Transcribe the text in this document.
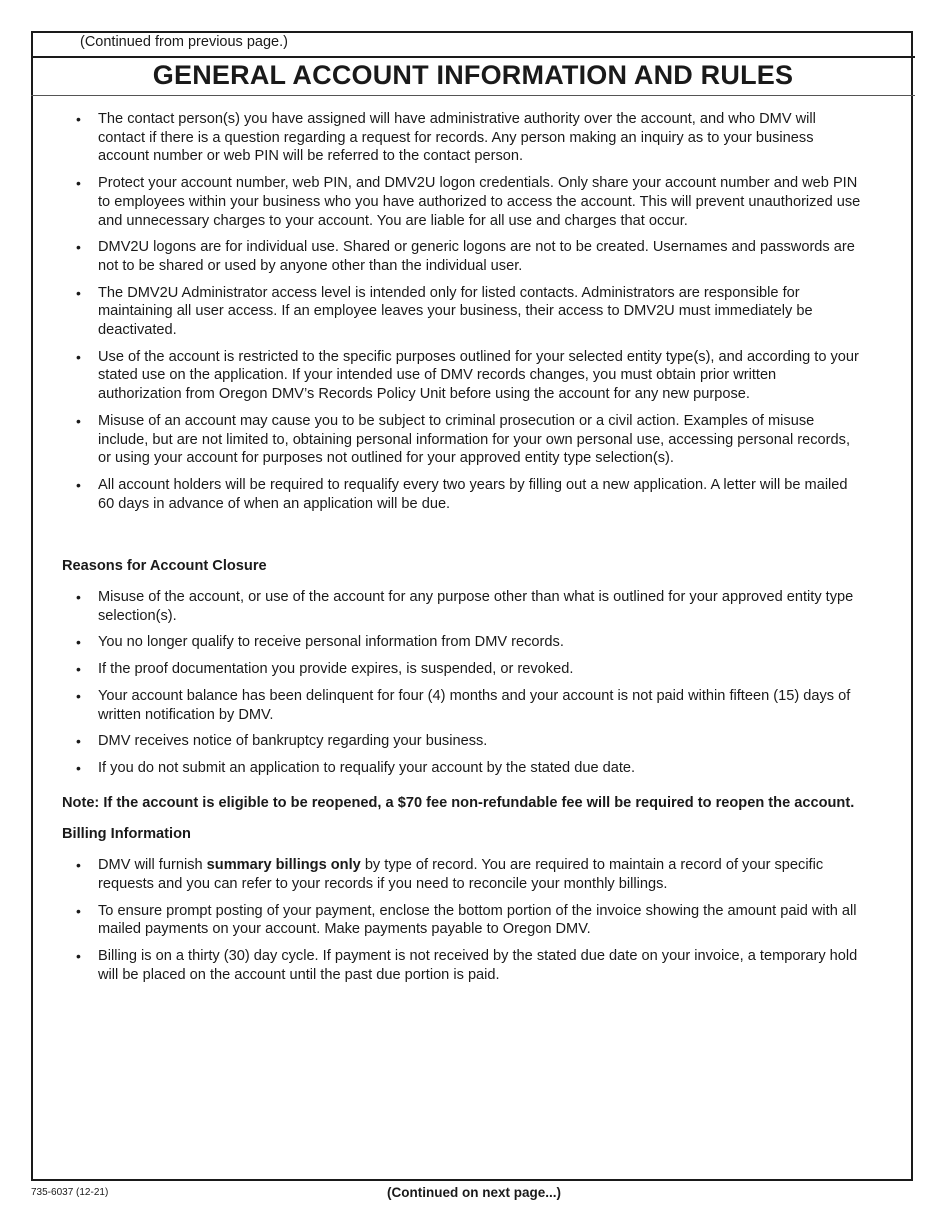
(Continued from previous page.)
GENERAL ACCOUNT INFORMATION AND RULES
• The contact person(s) you have assigned will have administrative authority over the account, and who DMV will contact if there is a question regarding a request for records. Any person making an inquiry as to your business account number or web PIN will be referred to the contact person.
• Protect your account number, web PIN, and DMV2U logon credentials. Only share your account number and web PIN to employees within your business who you have authorized to access the account. This will prevent unauthorized use and unnecessary charges to your account. You are liable for all use and charges that occur.
• DMV2U logons are for individual use. Shared or generic logons are not to be created. Usernames and passwords are not to be shared or used by anyone other than the individual user.
• The DMV2U Administrator access level is intended only for listed contacts. Administrators are responsible for maintaining all user access. If an employee leaves your business, their access to DMV2U must immediately be deactivated.
• Use of the account is restricted to the specific purposes outlined for your selected entity type(s), and according to your stated use on the application. If your intended use of DMV records changes, you must obtain prior written authorization from Oregon DMV’s Records Policy Unit before using the account for any new purpose.
• Misuse of an account may cause you to be subject to criminal prosecution or a civil action. Examples of misuse include, but are not limited to, obtaining personal information for your own personal use, accessing personal records, or using your account for purposes not outlined for your approved entity type selection(s).
• All account holders will be required to requalify every two years by filling out a new application. A letter will be mailed 60 days in advance of when an application will be due.
Reasons for Account Closure
• Misuse of the account, or use of the account for any purpose other than what is outlined for your approved entity type selection(s).
• You no longer qualify to receive personal information from DMV records.
• If the proof documentation you provide expires, is suspended, or revoked.
• Your account balance has been delinquent for four (4) months and your account is not paid within fifteen (15) days of written notification by DMV.
• DMV receives notice of bankruptcy regarding your business.
• If you do not submit an application to requalify your account by the stated due date.
Note: If the account is eligible to be reopened, a $70 fee non-refundable fee will be required to reopen the account.
Billing Information
• DMV will furnish summary billings only by type of record. You are required to maintain a record of your specific requests and you can refer to your records if you need to reconcile your monthly billings.
• To ensure prompt posting of your payment, enclose the bottom portion of the invoice showing the amount paid with all mailed payments on your account. Make payments payable to Oregon DMV.
• Billing is on a thirty (30) day cycle. If payment is not received by the stated due date on your invoice, a temporary hold will be placed on the account until the past due portion is paid.
735-6037 (12-21)	(Continued on next page...)
